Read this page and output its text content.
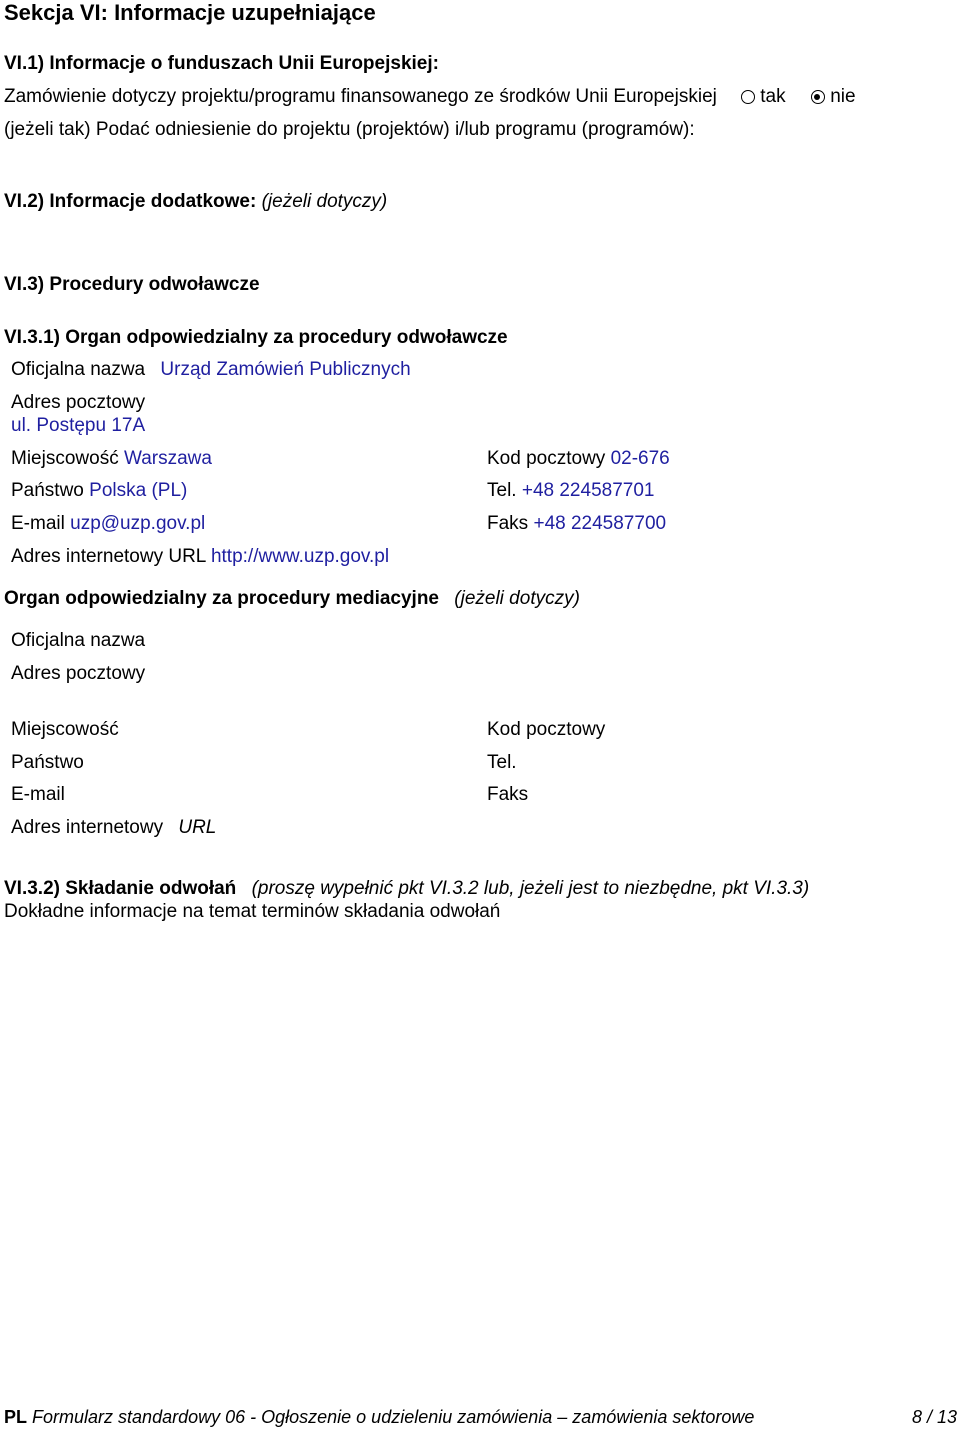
Sekcja VI: Informacje uzupełniające
VI.1) Informacje o funduszach Unii Europejskiej:
Zamówienie dotyczy projektu/programu finansowanego ze środków Unii Europejskiej	tak nie
(jeżeli tak) Podać odniesienie do projektu (projektów) i/lub programu (programów):
VI.2) Informacje dodatkowe: (jeżeli dotyczy)
VI.3) Procedury odwoławcze
VI.3.1) Organ odpowiedzialny za procedury odwoławcze
Oficjalna nazwa Urząd Zamówień Publicznych
Adres pocztowy
ul. Postępu 17A
Miejscowość Warszawa	Kod pocztowy 02-676
Państwo Polska (PL)	Tel. +48 224587701
E-mail uzp@uzp.gov.pl	Faks +48 224587700
Adres internetowy URL http://www.uzp.gov.pl
Organ odpowiedzialny za procedury mediacyjne (jeżeli dotyczy)
Oficjalna nazwa
Adres pocztowy
Miejscowość	Kod pocztowy
Państwo	Tel.
E-mail	Faks
Adres internetowy URL
VI.3.2) Składanie odwołań (proszę wypełnić pkt VI.3.2 lub, jeżeli jest to niezbędne, pkt VI.3.3)
Dokładne informacje na temat terminów składania odwołań
PL Formularz standardowy 06 - Ogłoszenie o udzieleniu zamówienia – zamówienia sektorowe	8 / 13
